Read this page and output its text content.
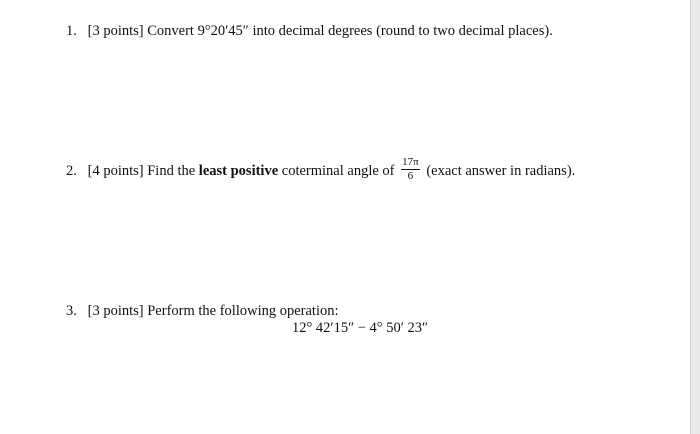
1. [3 points] Convert 9°20′45″ into decimal degrees (round to two decimal places).
2. [4 points] Find the least positive coterminal angle of $\frac{17\pi}{6}$ (exact answer in radians).
3. [3 points] Perform the following operation:
12° 42′15″ − 4° 50′ 23″
